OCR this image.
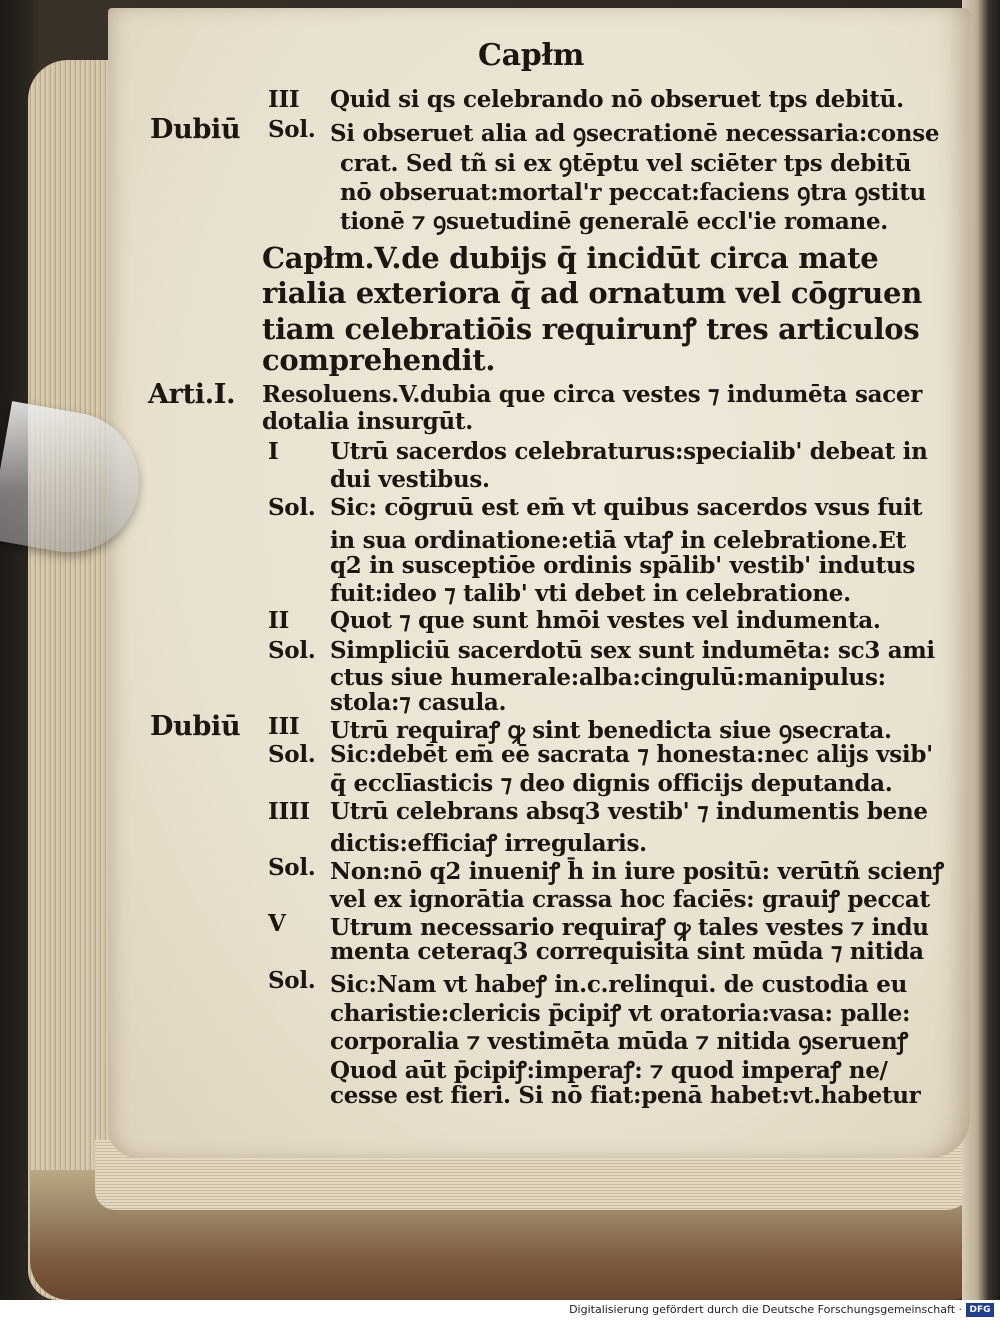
Capłm
III Quid si qs celebrando nō obseruet tps debitū.
Dubiū Sol. Si obseruet alia ad ꝯsecrationē necessaria:conse
crat. Sed tñ si ex ꝯtēptu vel sciēter tps debitū
nō obseruat:mortal'r peccat:faciens ꝯtra ꝯstitu
tionē ⁊ ꝯsuetudinē generalē eccl'ie romane.
Capłm.V.de dubijs q̄ incidūt circa mate
rialia exteriora q̄ ad ornatum vel cōgruen
tiam celebratiōis requirunꝭ tres articulos
comprehendit.
Arti.I. Resoluens.V.dubia que circa vestes ⁊ indumēta sacer
dotalia insurgūt.
I Utrū sacerdos celebraturus:specialib' debeat in
dui vestibus.
Sol. Sic: cōgruū est em̄ vt quibus sacerdos vsus fuit
in sua ordinatione:etiā vtaꝭ in celebratione.Et
q2 in susceptiōe ordinis spālib' vestib' indutus
fuit:ideo ⁊ talib' vti debet in celebratione.
II Quot ⁊ que sunt hmōi vestes vel indumenta.
Sol. Simpliciū sacerdotū sex sunt indumēta: sc3 ami
ctus siue humerale:alba:cingulū:manipulus:
stola:⁊ casula.
Dubiū III Utrū requiraꝭ ꝙ sint benedicta siue ꝯsecrata.
Sol. Sic:debēt em̄ eē sacrata ⁊ honesta:nec alijs vsib'
q̄ ecclīasticis ⁊ deo dignis officijs deputanda.
IIII Utrū celebrans absq3 vestib' ⁊ indumentis bene
dictis:efficiaꝭ irregularis.
Sol. Non:nō q2 inueniꝭ h̄ in iure positū: verūtñ scienꝭ
vel ex ignorātia crassa hoc faciēs: grauiꝭ peccat
V Utrum necessario requiraꝭ ꝙ tales vestes ⁊ indu
menta ceteraq3 correquisita sint mūda ⁊ nitida
Sol. Sic:Nam vt habeꝭ in.c.relinqui. de custodia eu
charistie:clericis p̄cipiꝭ vt oratoria:vasa: palle:
corporalia ⁊ vestimēta mūda ⁊ nitida ꝯseruenꝭ
Quod aūt p̄cipiꝭ:imperaꝭ: ⁊ quod imperaꝭ ne/
cesse est fieri. Si nō fiat:penā habet:vt.habetur
Digitalisierung gefördert durch die Deutsche Forschungsgemeinschaft · DFG
